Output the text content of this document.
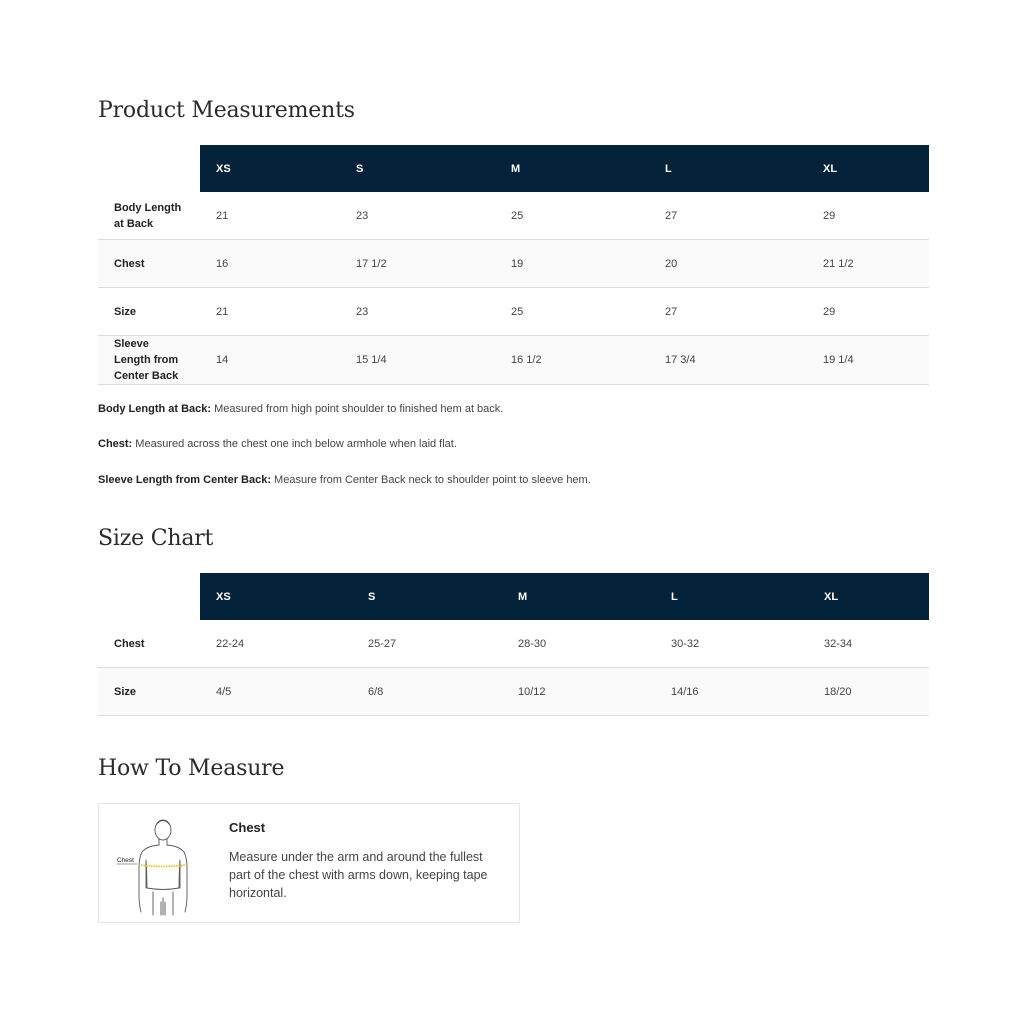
Product Measurements
	XS	S	M	L	XL
Body Length at Back	21	23	25	27	29
Chest	16	17 1/2	19	20	21 1/2
Size	21	23	25	27	29
Sleeve Length from Center Back	14	15 1/4	16 1/2	17 3/4	19 1/4

Body Length at Back: Measured from high point shoulder to finished hem at back.

Chest: Measured across the chest one inch below armhole when laid flat.

Sleeve Length from Center Back: Measure from Center Back neck to shoulder point to sleeve hem.

Size Chart
	XS	S	M	L	XL
Chest	22-24	25-27	28-30	30-32	32-34
Size	4/5	6/8	10/12	14/16	18/20
How To Measure
Chest
Chest

Measure under the arm and around the fullest part of the chest with arms down, keeping tape horizontal.
